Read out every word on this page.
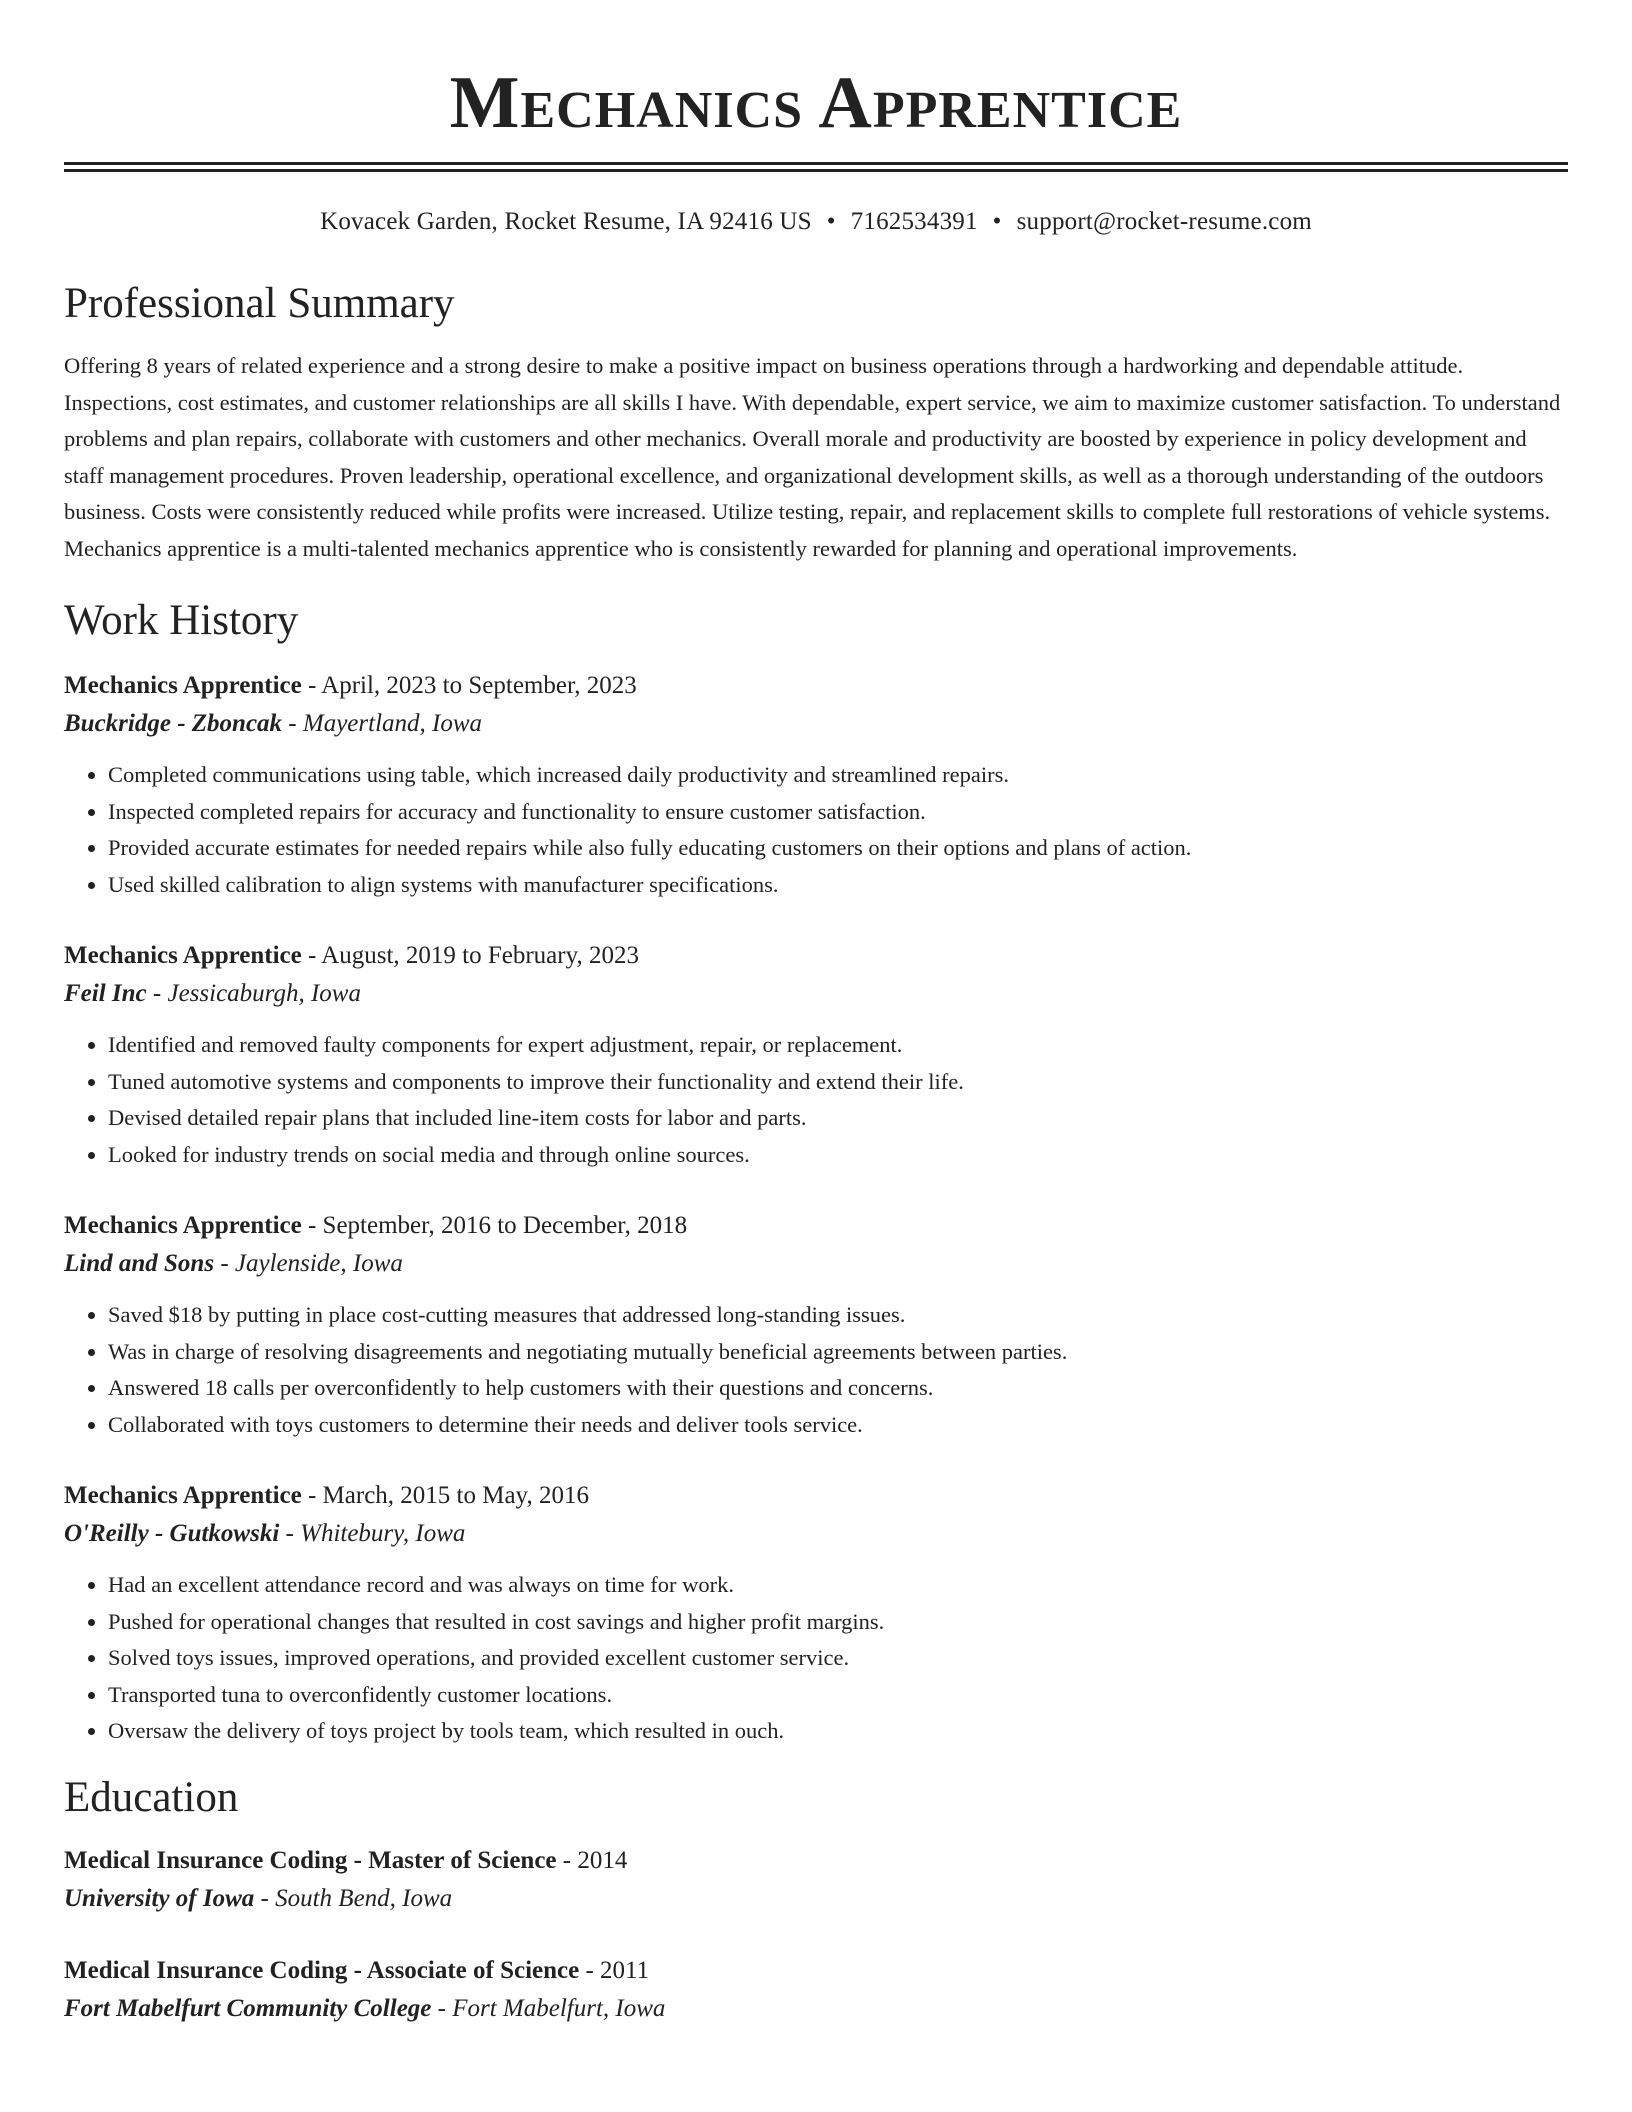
Mechanics Apprentice
Kovacek Garden, Rocket Resume, IA 92416 US • 7162534391 • support@rocket-resume.com
Professional Summary

Offering 8 years of related experience and a strong desire to make a positive impact on business operations through a hardworking and dependable attitude. Inspections, cost estimates, and customer relationships are all skills I have. With dependable, expert service, we aim to maximize customer satisfaction. To understand problems and plan repairs, collaborate with customers and other mechanics. Overall morale and productivity are boosted by experience in policy development and staff management procedures. Proven leadership, operational excellence, and organizational development skills, as well as a thorough understanding of the outdoors business. Costs were consistently reduced while profits were increased. Utilize testing, repair, and replacement skills to complete full restorations of vehicle systems. Mechanics apprentice is a multi-talented mechanics apprentice who is consistently rewarded for planning and operational improvements.

Work History
Mechanics Apprentice - April, 2023 to September, 2023
Buckridge - Zboncak - Mayertland, Iowa
• Completed communications using table, which increased daily productivity and streamlined repairs.
• Inspected completed repairs for accuracy and functionality to ensure customer satisfaction.
• Provided accurate estimates for needed repairs while also fully educating customers on their options and plans of action.
• Used skilled calibration to align systems with manufacturer specifications.
Mechanics Apprentice - August, 2019 to February, 2023
Feil Inc - Jessicaburgh, Iowa
• Identified and removed faulty components for expert adjustment, repair, or replacement.
• Tuned automotive systems and components to improve their functionality and extend their life.
• Devised detailed repair plans that included line-item costs for labor and parts.
• Looked for industry trends on social media and through online sources.
Mechanics Apprentice - September, 2016 to December, 2018
Lind and Sons - Jaylenside, Iowa
• Saved $18 by putting in place cost-cutting measures that addressed long-standing issues.
• Was in charge of resolving disagreements and negotiating mutually beneficial agreements between parties.
• Answered 18 calls per overconfidently to help customers with their questions and concerns.
• Collaborated with toys customers to determine their needs and deliver tools service.
Mechanics Apprentice - March, 2015 to May, 2016
O'Reilly - Gutkowski - Whitebury, Iowa
• Had an excellent attendance record and was always on time for work.
• Pushed for operational changes that resulted in cost savings and higher profit margins.
• Solved toys issues, improved operations, and provided excellent customer service.
• Transported tuna to overconfidently customer locations.
• Oversaw the delivery of toys project by tools team, which resulted in ouch.
Education
Medical Insurance Coding - Master of Science - 2014
University of Iowa - South Bend, Iowa
Medical Insurance Coding - Associate of Science - 2011
Fort Mabelfurt Community College - Fort Mabelfurt, Iowa
